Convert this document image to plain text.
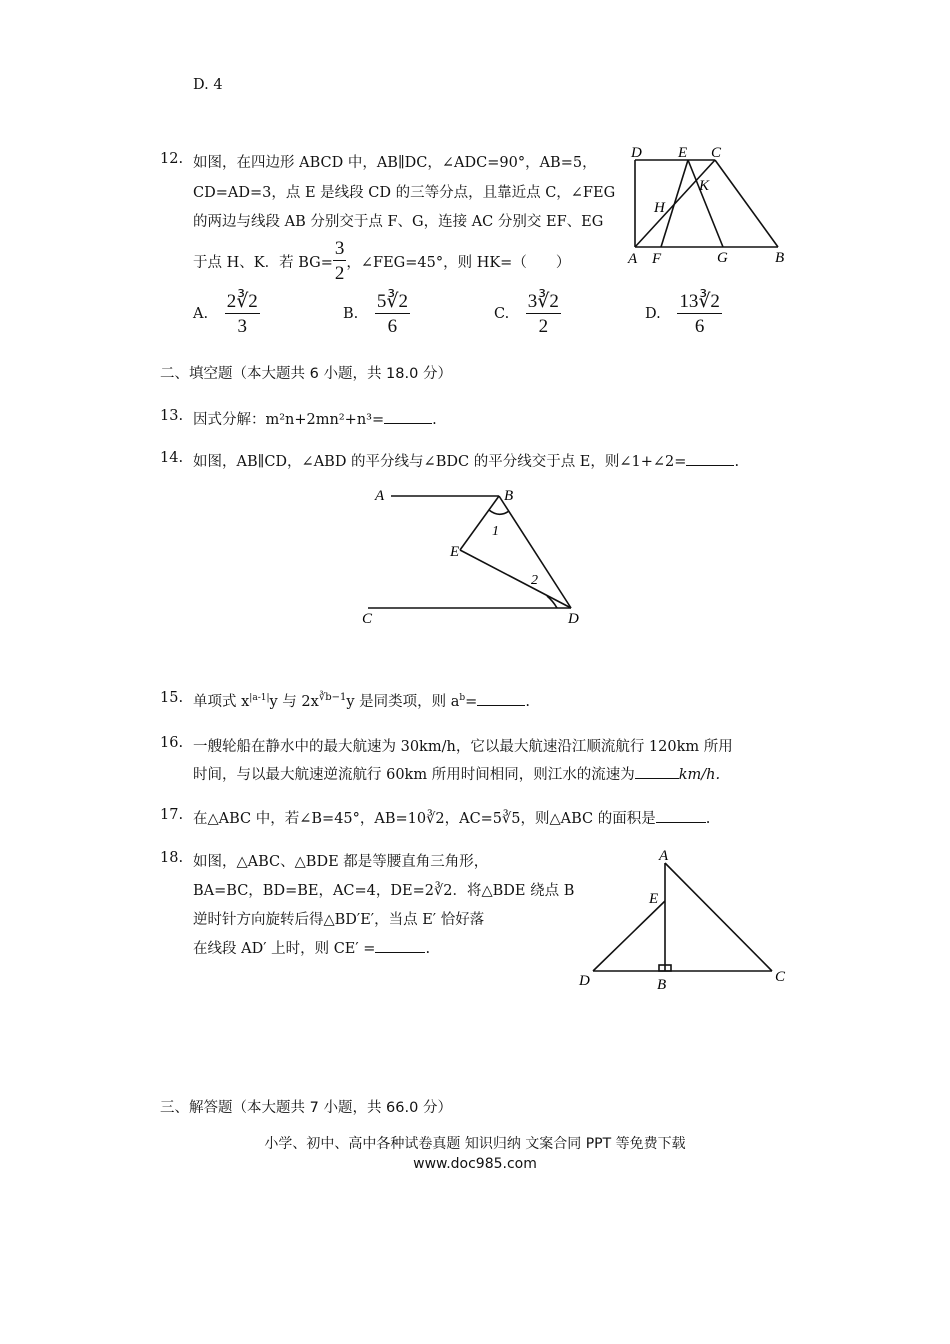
D. 4
12. 如图，在四边形 ABCD 中，AB∥DC，∠ADC=90°，AB=5，
CD=AD=3，点 E 是线段 CD 的三等分点，且靠近点 C，∠FEG
的两边与线段 AB 分别交于点 F、G，连接 AC 分别交 EF、EG
于点 H、K．若 $BG= \frac{3}{2}$ ，∠FEG=45°，则 HK=（　　）
D E C
K
H
A F	G	B
A. $\frac{2∛2}{3}$	B. $\frac{5∛2}{6}$	C. $\frac{3∛2}{2}$	D. $\frac{13∛2}{6}$
二、填空题（本大题共 6 小题，共 18.0 分）
13. 因式分解：m²n+2mn²+n³=	.
14. 如图，AB∥CD，∠ABD 的平分线与∠BDC 的平分线交于点 E，则∠1+∠2=	.
A	B
E
C	D
1
2
15. 单项式 $x^{|a-1|}y$ 与 $2x^{∛b-1}y$ 是同类项，则 $a^b=$	.
16. 一艘轮船在静水中的最大航速为 30km/h，它以最大航速沿江顺流航行 120km 所用
时间，与以最大航速逆流航行 60km 所用时间相同，则江水的流速为	km/h.
17. 在△ABC 中，若∠B=45°，AB=10∛2，AC=5∛5，则△ABC 的面积是	.
18. 如图，△ABC、△BDE 都是等腰直角三角形，
BA=BC，BD=BE，AC=4，DE=2∛2．将△BDE 绕点 B
逆时针方向旋转后得△BD′E′，当点 E′ 恰好落
在线段 AD′ 上时，则 CE′ =	.
A
E
D	B	C
三、解答题（本大题共 7 小题，共 66.0 分）
小学、初中、高中各种试卷真题 知识归纳 文案合同 PPT 等免费下载
www.doc985.com
